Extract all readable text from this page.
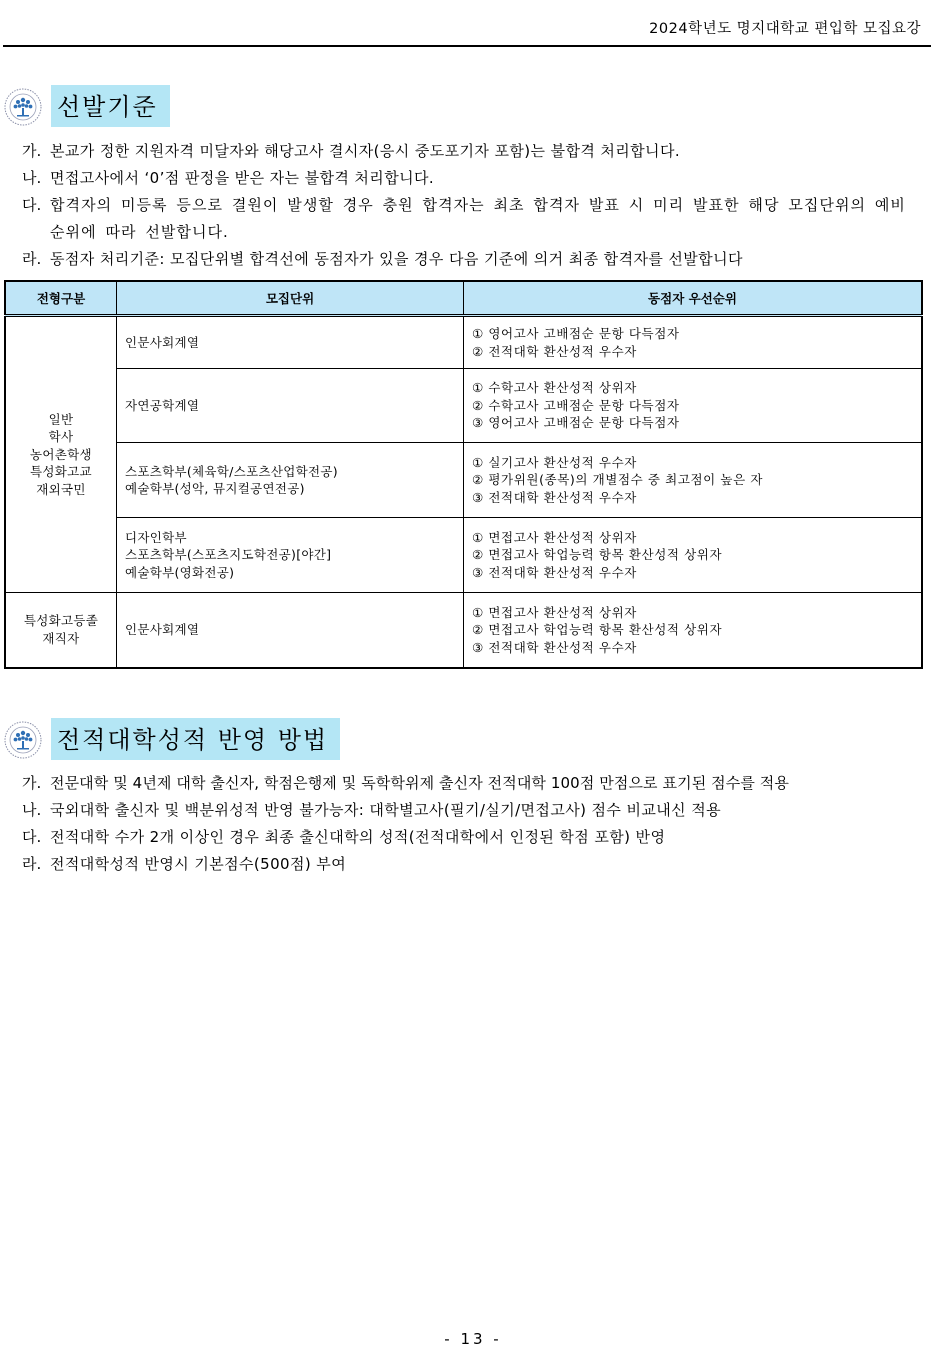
2024학년도 명지대학교 편입학 모집요강
선발기준
가. 본교가 정한 지원자격 미달자와 해당고사 결시자(응시 중도포기자 포함)는 불합격 처리합니다.
나. 면접고사에서 ‘0’점 판정을 받은 자는 불합격 처리합니다.
다. 합격자의 미등록 등으로 결원이 발생할 경우 충원 합격자는 최초 합격자 발표 시 미리 발표한 해당 모집단위의 예비 순위에 따라 선발합니다.
라. 동점자 처리기준: 모집단위별 합격선에 동점자가 있을 경우 다음 기준에 의거 최종 합격자를 선발합니다
전형구분	모집단위	동점자 우선순위

일반
학사
농어촌학생
특성화고교
재외국민	인문사회계열	① 영어고사 고배점순 문항 다득점자
② 전적대학 환산성적 우수자

	자연공학계열	① 수학고사 환산성적 상위자
② 수학고사 고배점순 문항 다득점자
③ 영어고사 고배점순 문항 다득점자

	스포츠학부(체육학/스포츠산업학전공)
예술학부(성악, 뮤지컬공연전공)	① 실기고사 환산성적 우수자
② 평가위원(종목)의 개별점수 중 최고점이 높은 자
③ 전적대학 환산성적 우수자

	디자인학부
스포츠학부(스포츠지도학전공)[야간]
예술학부(영화전공)	① 면접고사 환산성적 상위자
② 면접고사 학업능력 항목 환산성적 상위자
③ 전적대학 환산성적 우수자

특성화고등졸
재직자	인문사회계열	① 면접고사 환산성적 상위자
② 면접고사 학업능력 항목 환산성적 상위자
③ 전적대학 환산성적 우수자
전적대학성적 반영 방법
가. 전문대학 및 4년제 대학 출신자, 학점은행제 및 독학학위제 출신자 전적대학 100점 만점으로 표기된 점수를 적용
나. 국외대학 출신자 및 백분위성적 반영 불가능자: 대학별고사(필기/실기/면접고사) 점수 비교내신 적용
다. 전적대학 수가 2개 이상인 경우 최종 출신대학의 성적(전적대학에서 인정된 학점 포함) 반영
라. 전적대학성적 반영시 기본점수(500점) 부여
- 13 -
